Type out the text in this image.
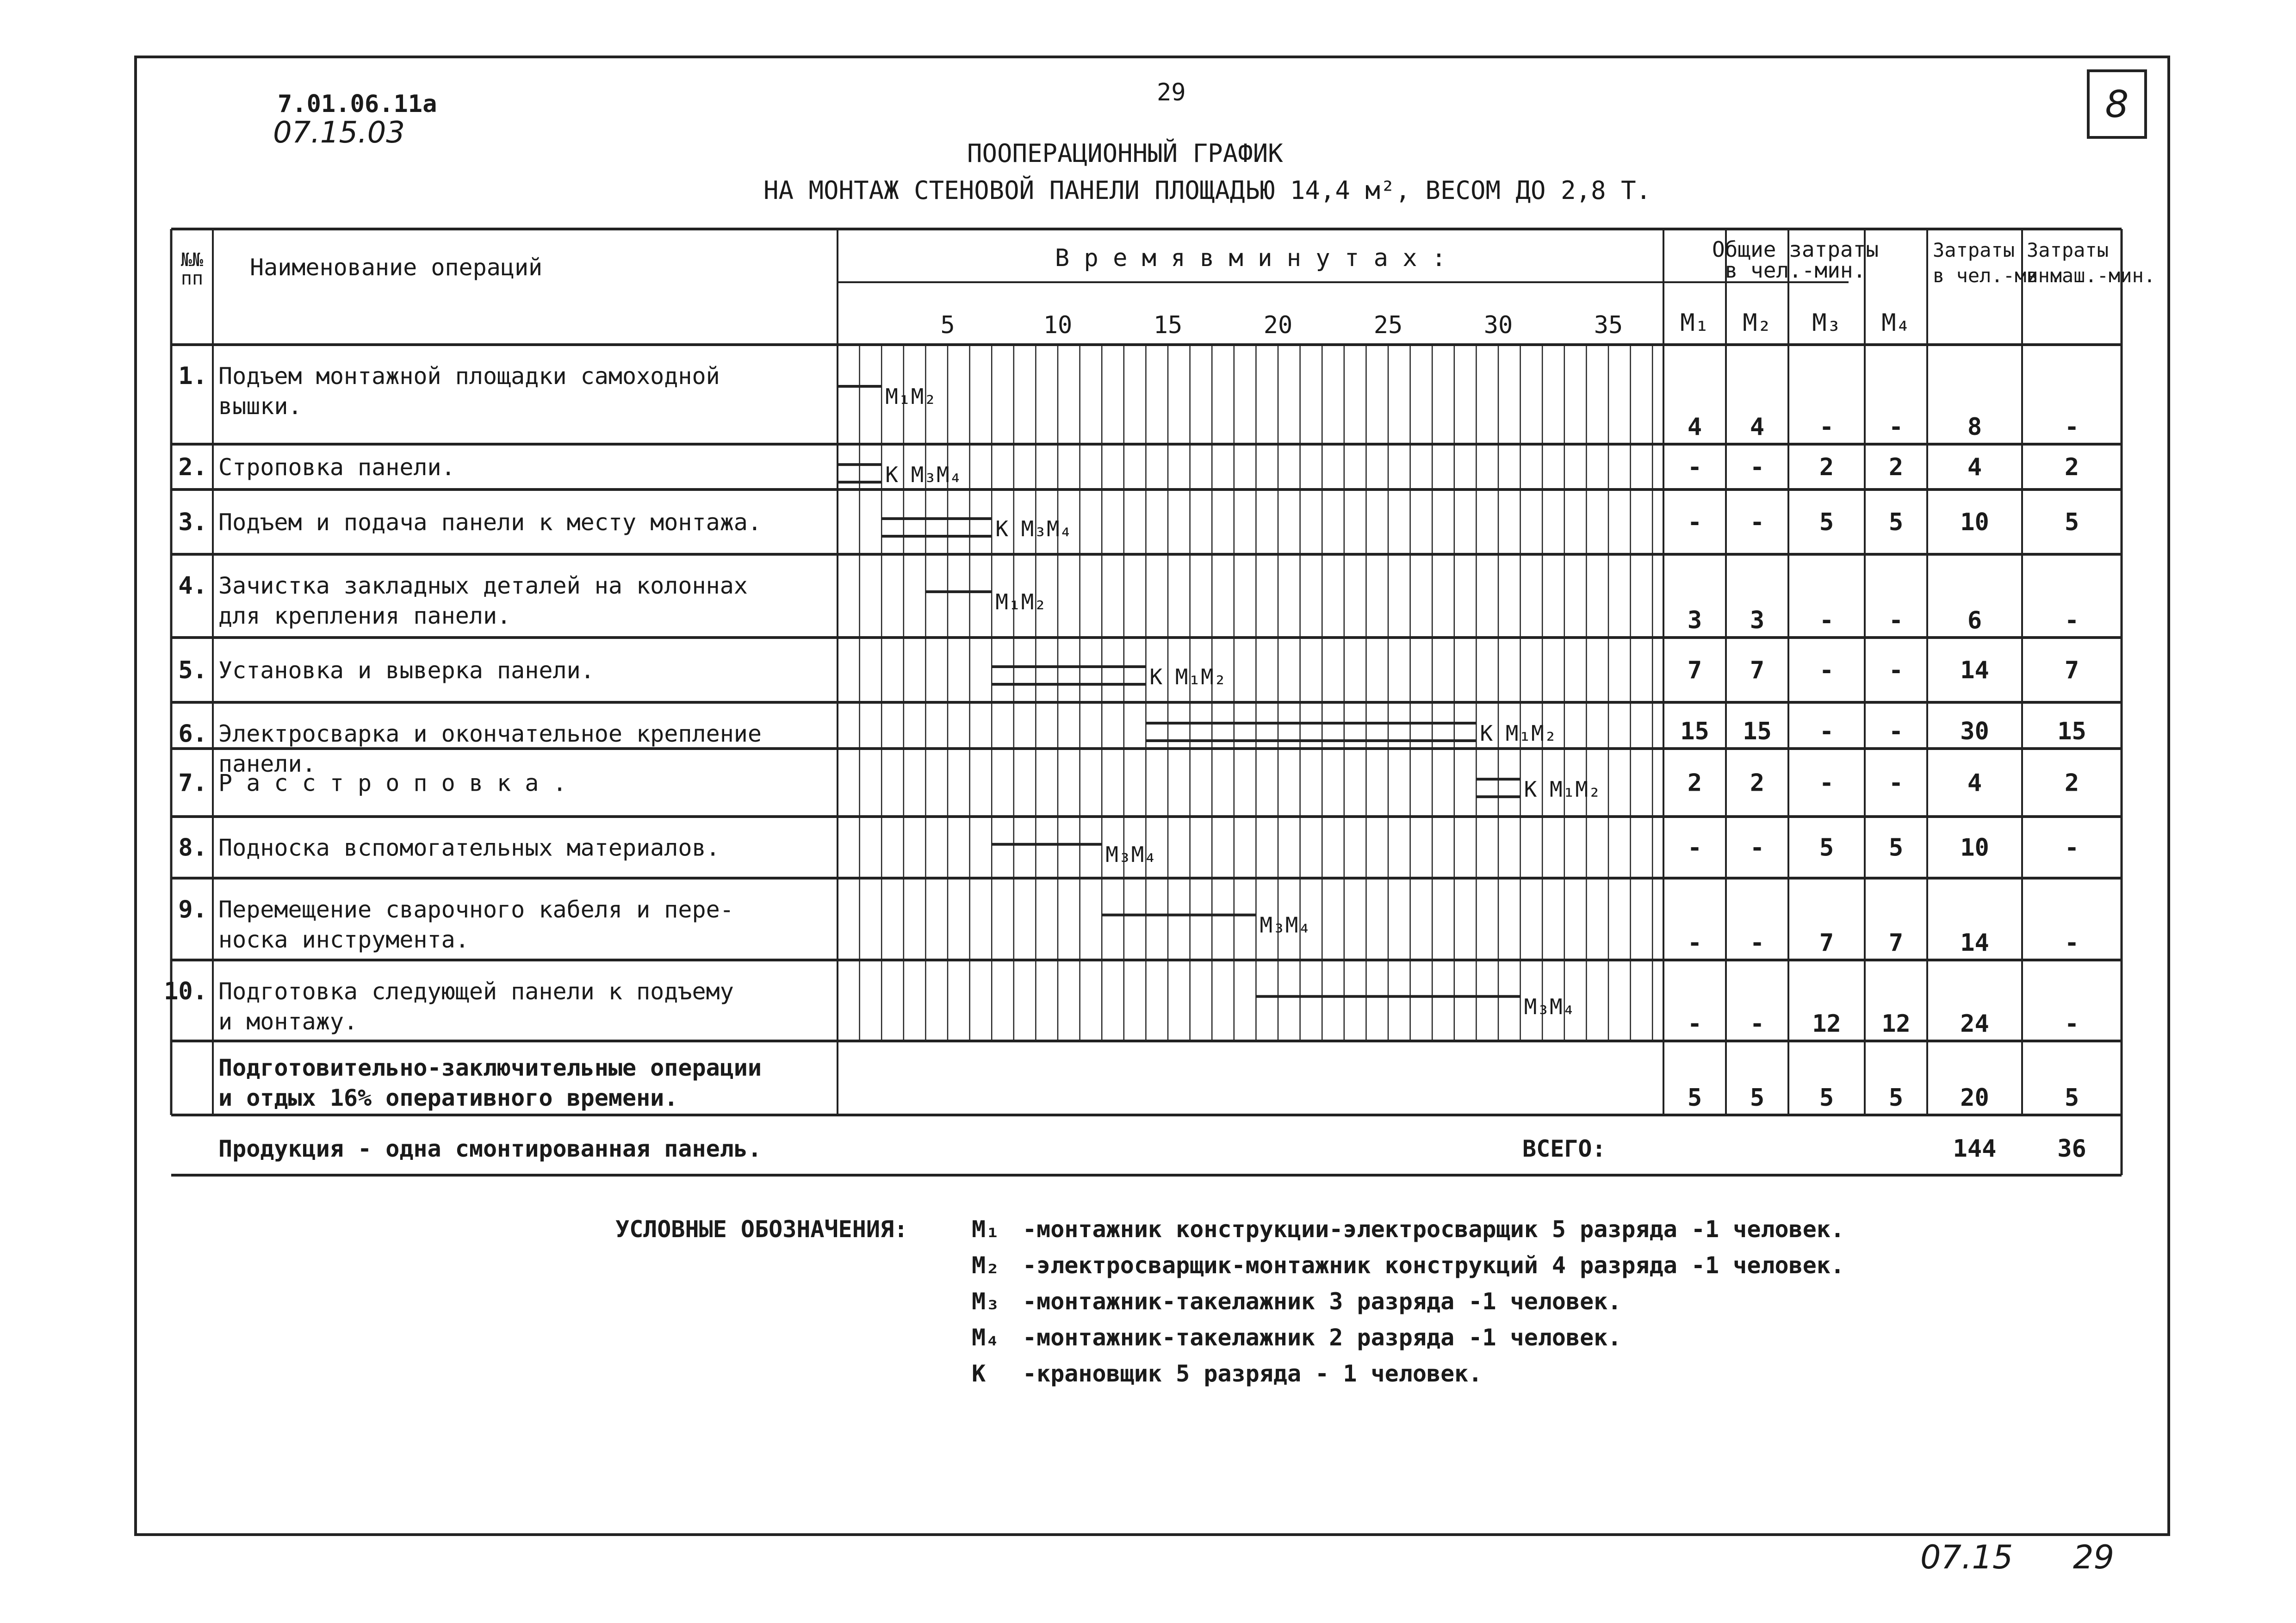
7.01.06.11а
07.15.03
29	8
ПООПЕРАЦИОННЫЙ ГРАФИК
НА МОНТАЖ СТЕНОВОЙ ПАНЕЛИ ПЛОЩАДЬЮ 14,4 м², ВЕСОМ ДО 2,8 Т.
№№
пп Наименование операций	В р е м я в м и н у т а х :
5	10	15	20	25	30	35
Общие затраты
в чел.-мин.
М₁ М₂ М₃ М₄
Затраты
в чел.-мин.
Затраты
в маш.-мин.
1. Подъем монтажной площадки самоходной
вышки.
4 4 - -	8	-
М₁М₂
2. Строповка панели.	- - 2 2	4	2
К М₃М₄
3. Подъем и подача панели к месту монтажа.	- - 5 5 10	5
К М₃М₄
4. Зачистка закладных деталей на колоннах
для крепления панели.	3 3 - -	6	-
М₁М₂
5. Установка и выверка панели.	7 7 - - 14	7
К М₁М₂
6. Электросварка и окончательное крепление
панели.
15 15 - - 30	15
К М₁М₂
7. Р а с с т р о п о в к а .	2 2 - -	4	2
К М₁М₂
8. Подноска вспомогательных материалов.	- - 5 5 10	-
М₃М₄
9. Перемещение сварочного кабеля и пере-
носка инструмента.	- - 7 7 14	-
М₃М₄
10. Подготовка следующей панели к подъему
и монтажу.	- - 12 12 24	-
М₃М₄
Подготовительно-заключительные операции
и отдых 16% оперативного времени.	5 5 5 5 20	5
Продукция - одна смонтированная панель.	ВСЕГО:	144	36
УСЛОВНЫЕ ОБОЗНАЧЕНИЯ:	М₁ -монтажник конструкции-электросварщик 5 разряда -1 человек.
М₂ -электросварщик-монтажник конструкций 4 разряда -1 человек.
М₃ -монтажник-такелажник 3 разряда -1 человек.
М₄ -монтажник-такелажник 2 разряда -1 человек.
К -крановщик 5 разряда - 1 человек.
07.15 29
